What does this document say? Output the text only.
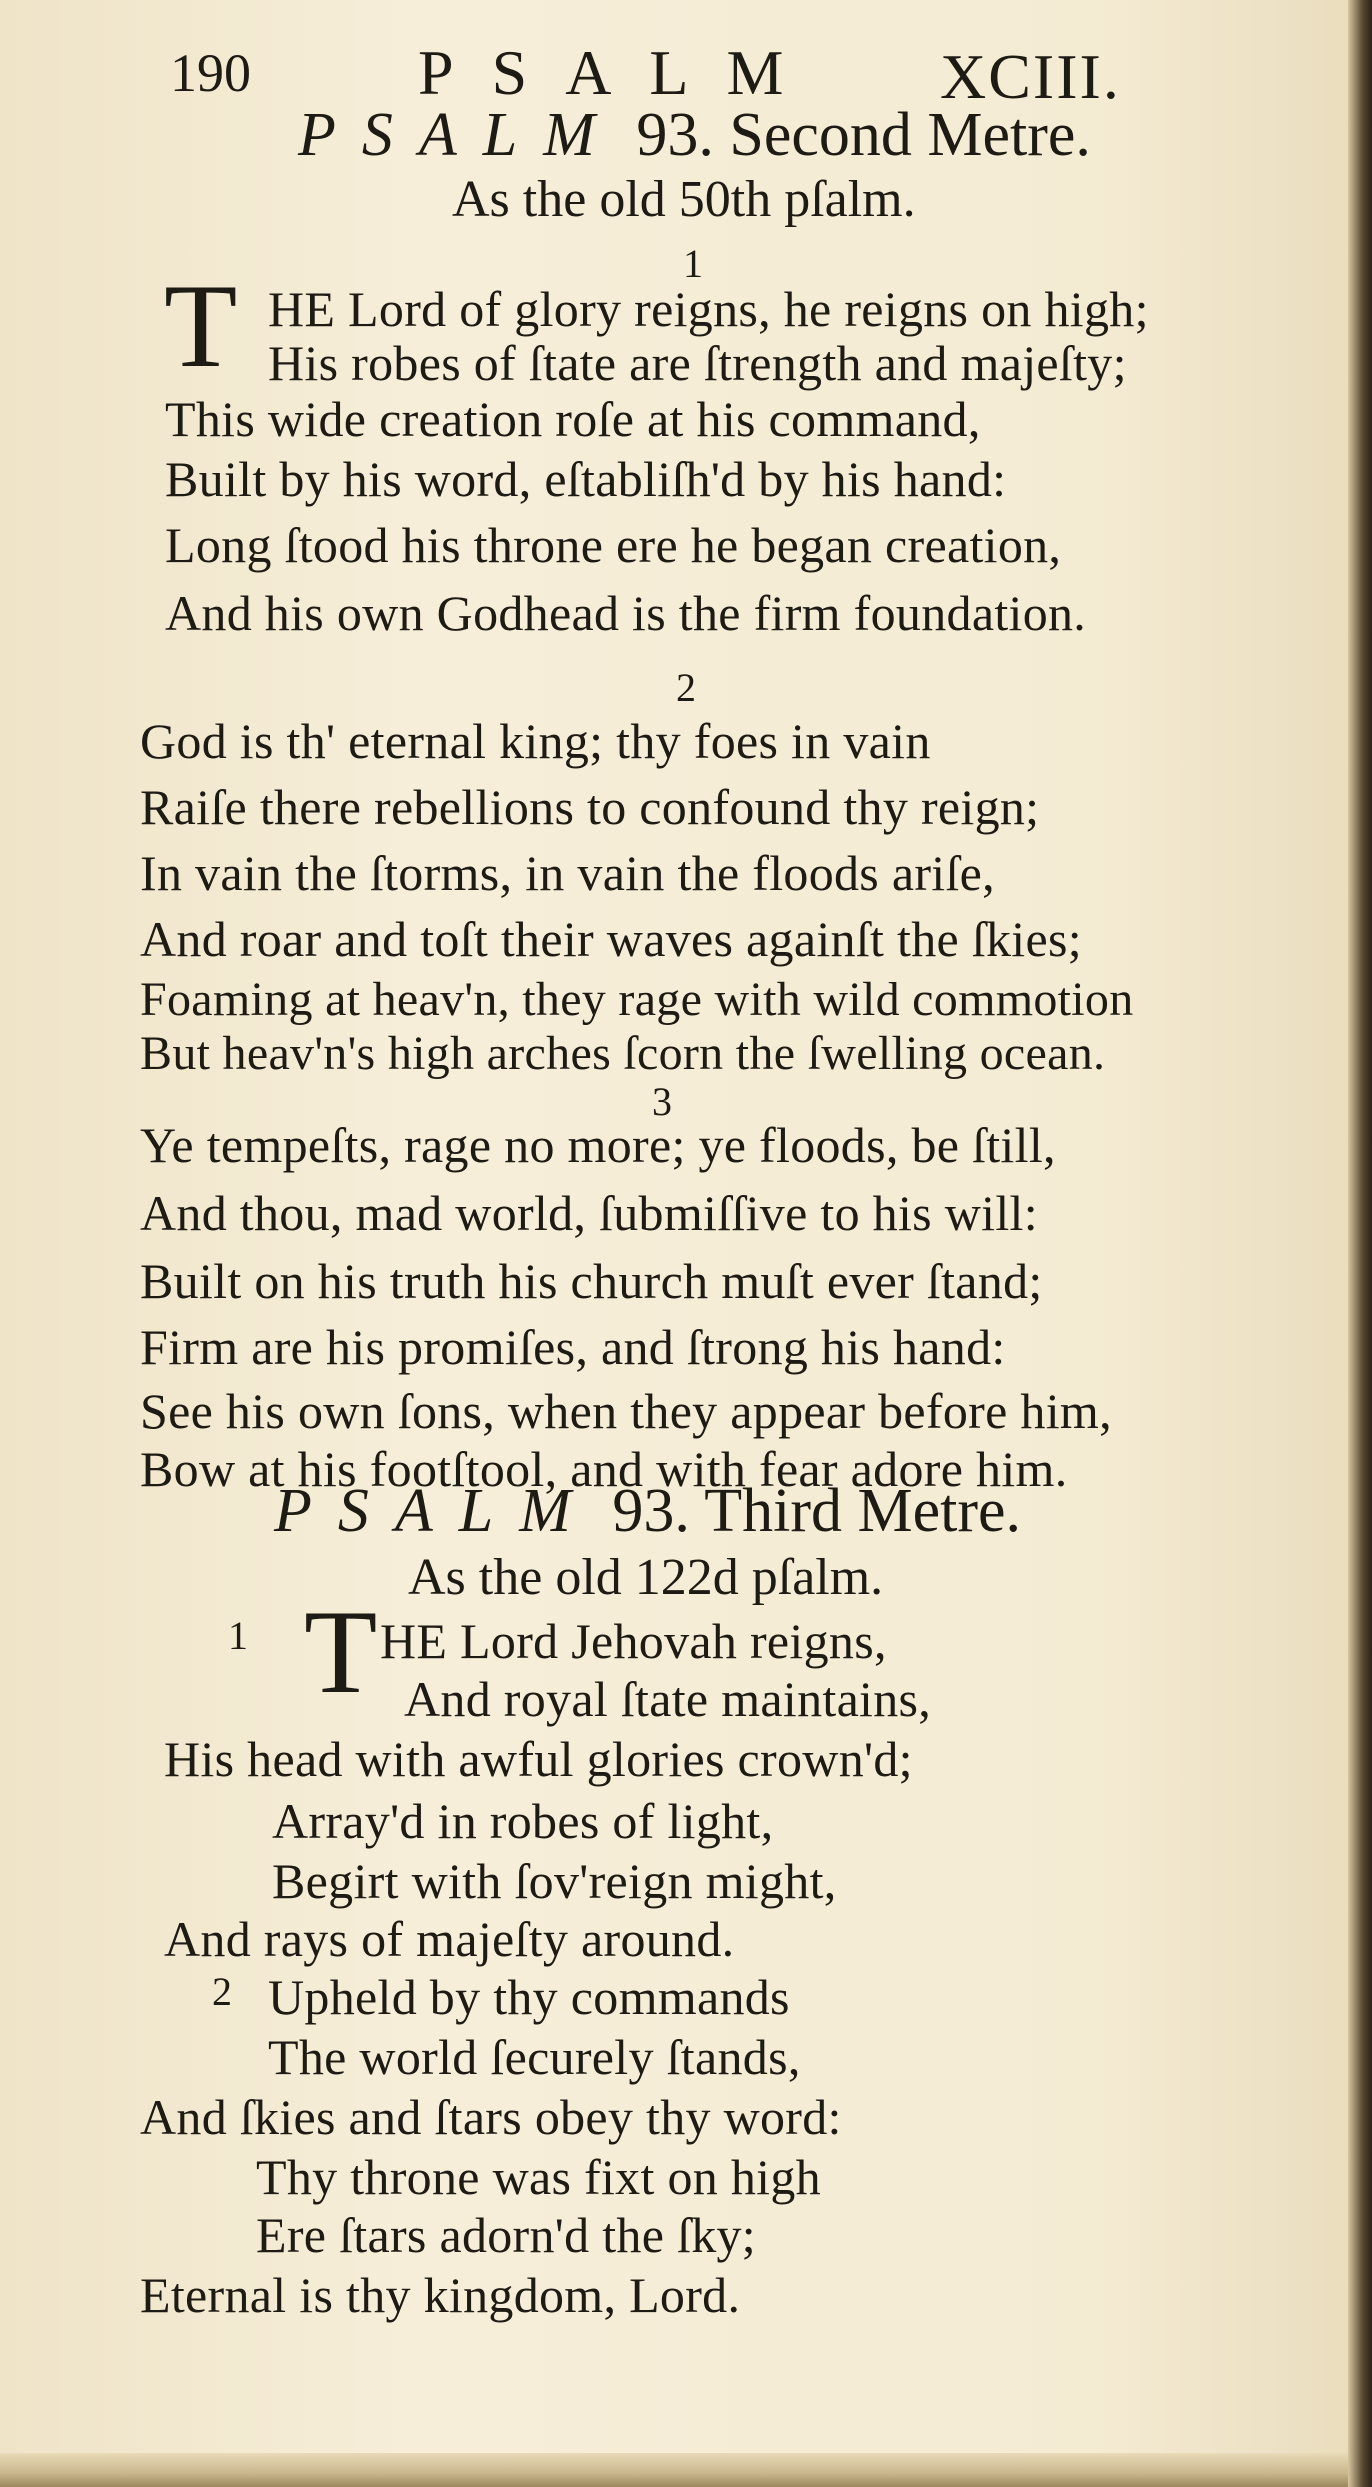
190	PSALM XCIII.
PSALM 93. Second Metre.
As the old 50th pſalm.
1
T HE Lord of glory reigns, he reigns on high;
His robes of ſtate are ſtrength and majeſty;
This wide creation roſe at his command,
Built by his word, eſtabliſh'd by his hand:
Long ſtood his throne ere he began creation,
And his own Godhead is the firm foundation.
2
God is th' eternal king; thy foes in vain
Raiſe there rebellions to confound thy reign;
In vain the ſtorms, in vain the floods ariſe,
And roar and toſt their waves againſt the ſkies;
Foaming at heav'n, they rage with wild commotion
But heav'n's high arches ſcorn the ſwelling ocean.
3
Ye tempeſts, rage no more; ye floods, be ſtill,
And thou, mad world, ſubmiſſive to his will:
Built on his truth his church muſt ever ſtand;
Firm are his promiſes, and ſtrong his hand:
See his own ſons, when they appear before him,
Bow at his footſtool, and with fear adore him.
PSALM 93. Third Metre.
As the old 122d pſalm.
1 T HE Lord Jehovah reigns,
And royal ſtate maintains,
His head with awful glories crown'd;
Array'd in robes of light,
Begirt with ſov'reign might,
And rays of majeſty around.
2 Upheld by thy commands
The world ſecurely ſtands,
And ſkies and ſtars obey thy word:
Thy throne was fixt on high
Ere ſtars adorn'd the ſky;
Eternal is thy kingdom, Lord.
